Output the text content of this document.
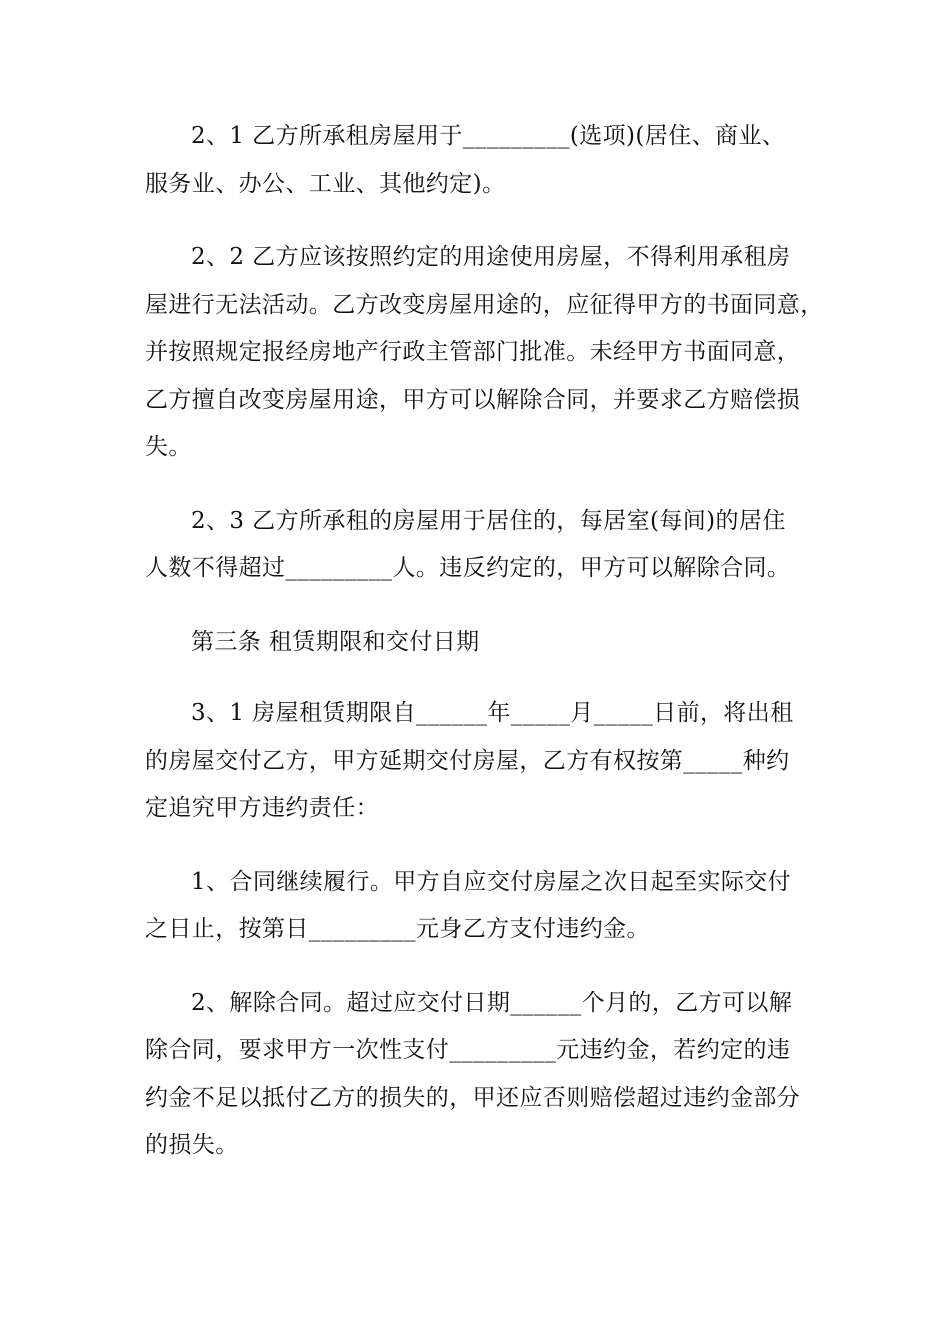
2、1 乙方所承租房屋用于_________(选项)(居住、商业、
服务业、办公、工业、其他约定)。

2、2 乙方应该按照约定的用途使用房屋，不得利用承租房
屋进行无法活动。乙方改变房屋用途的，应征得甲方的书面同意，
并按照规定报经房地产行政主管部门批准。未经甲方书面同意，
乙方擅自改变房屋用途，甲方可以解除合同，并要求乙方赔偿损
失。

2、3 乙方所承租的房屋用于居住的，每居室(每间)的居住
人数不得超过_________人。违反约定的，甲方可以解除合同。

第三条 租赁期限和交付日期

3、1 房屋租赁期限自______年_____月_____日前，将出租
的房屋交付乙方，甲方延期交付房屋，乙方有权按第_____种约
定追究甲方违约责任：

1、合同继续履行。甲方自应交付房屋之次日起至实际交付
之日止，按第日_________元身乙方支付违约金。

2、解除合同。超过应交付日期______个月的，乙方可以解
除合同，要求甲方一次性支付_________元违约金，若约定的违
约金不足以抵付乙方的损失的，甲还应否则赔偿超过违约金部分
的损失。
